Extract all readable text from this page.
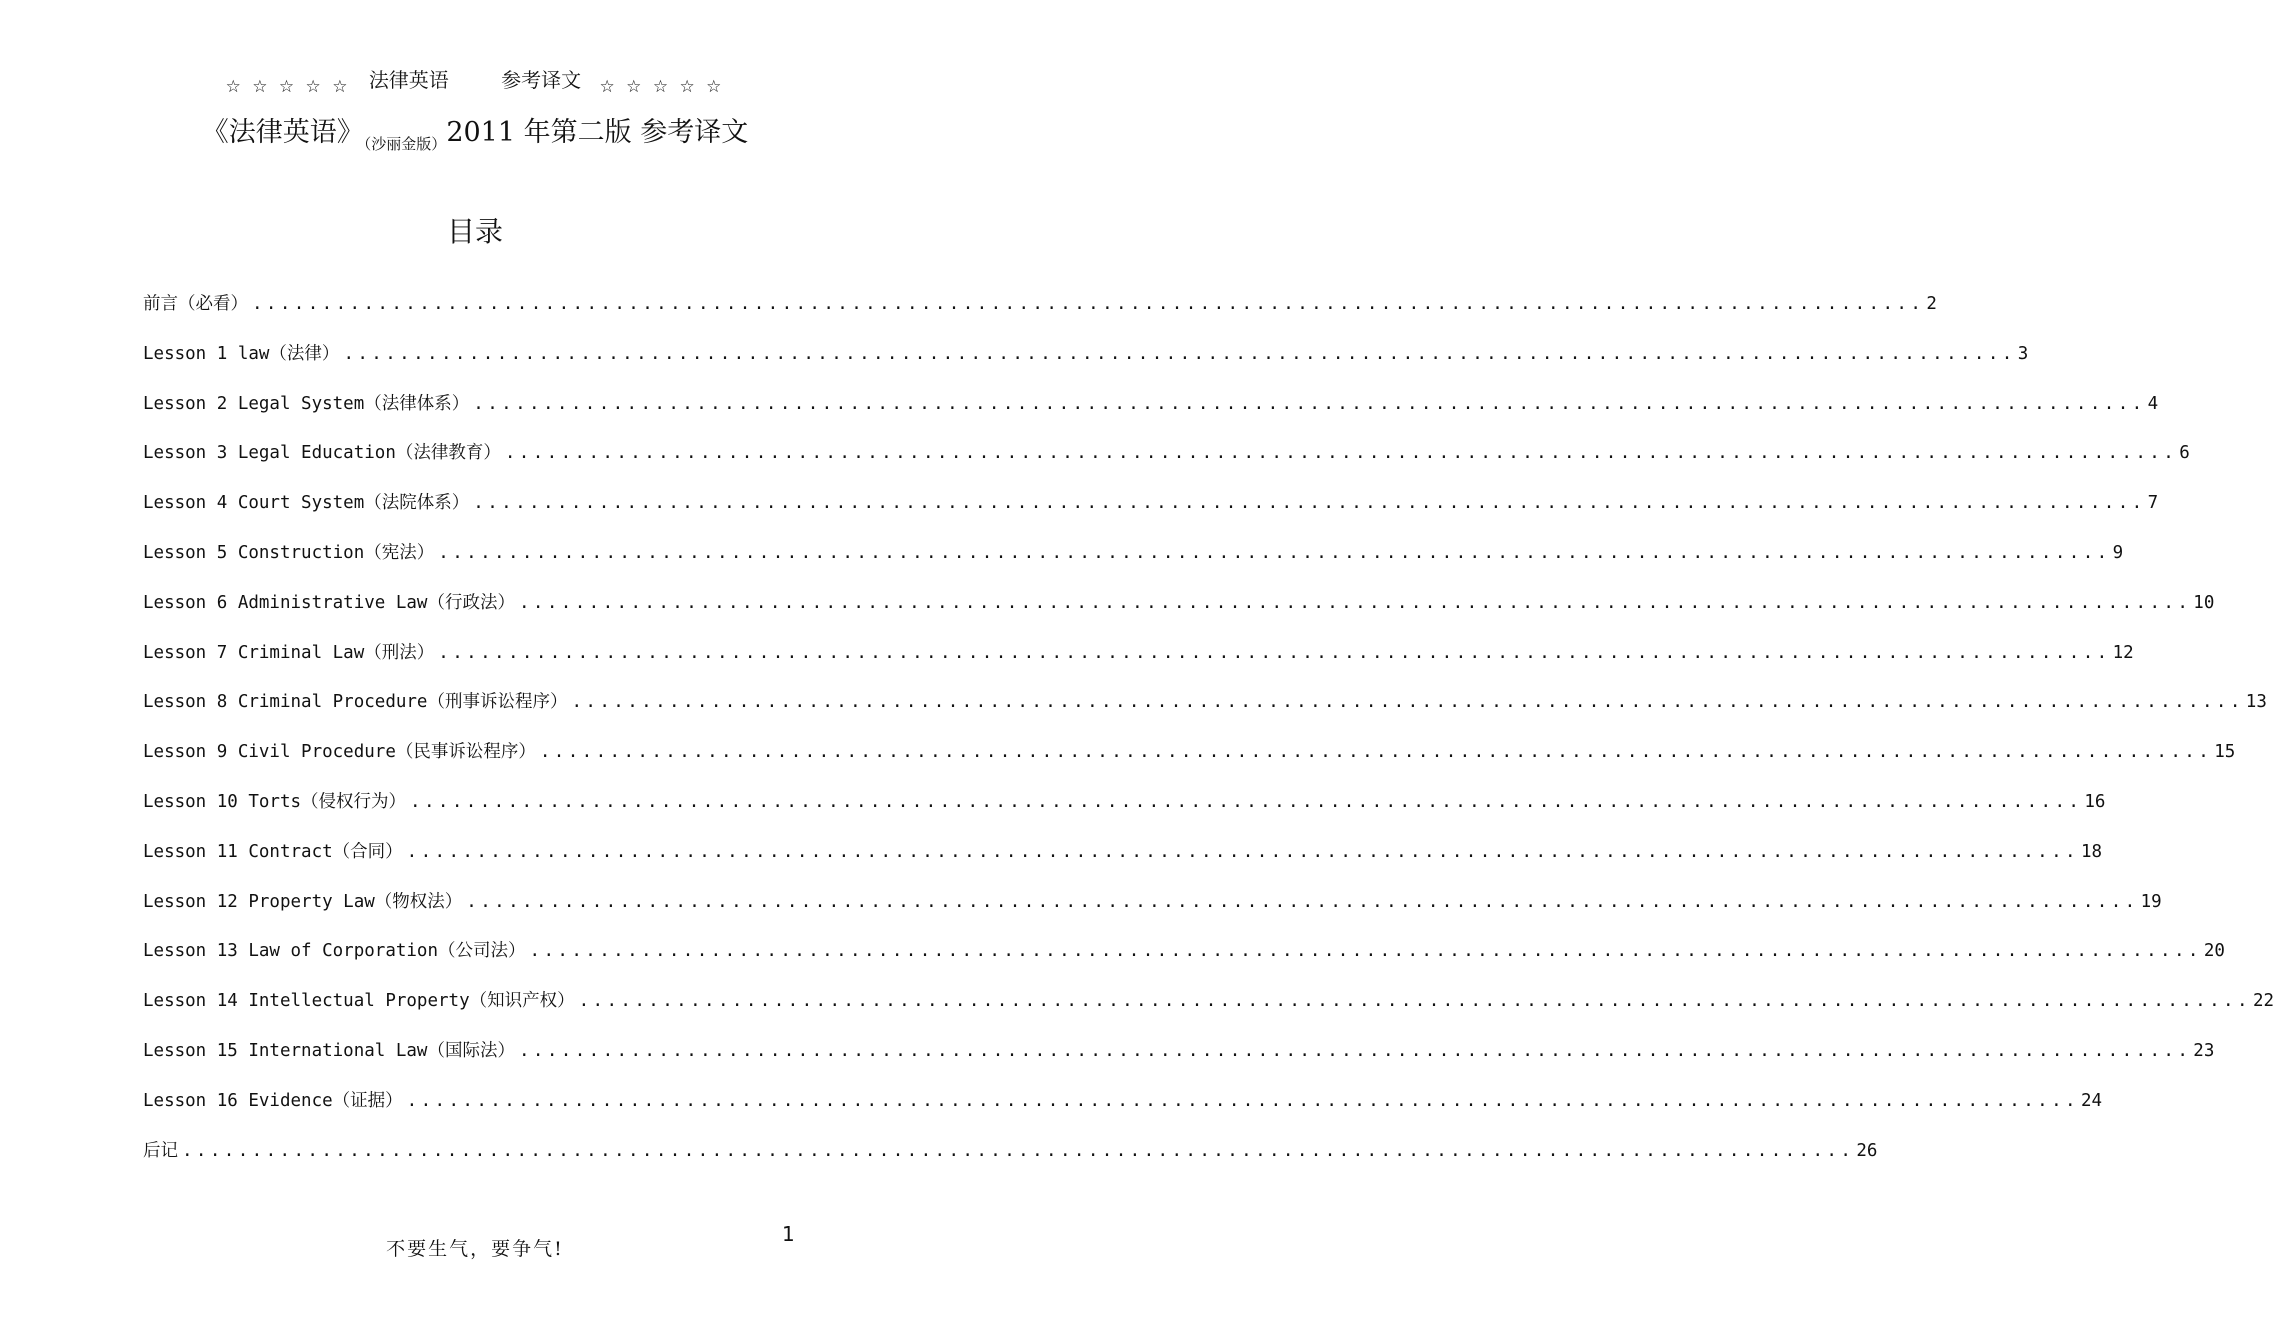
$_{☆ ☆ ☆ ☆ ☆}$ 法律英语	参考译文 $_{☆ ☆ ☆ ☆ ☆}$
《法律英语》$_{(沙丽金版)}$2011 年第二版 参考译文
目录
前言（必看） ........................................................................................................................ 2
Lesson 1 law（法律） ........................................................................................................................ 3
Lesson 2 Legal System（法律体系） ........................................................................................................................ 4
Lesson 3 Legal Education（法律教育） ........................................................................................................................ 6
Lesson 4 Court System（法院体系） ........................................................................................................................ 7
Lesson 5 Construction（宪法） ........................................................................................................................ 9
Lesson 6 Administrative Law（行政法） ........................................................................................................................ 10
Lesson 7 Criminal Law（刑法） ........................................................................................................................ 12
Lesson 8 Criminal Procedure（刑事诉讼程序） ........................................................................................................................ 13
Lesson 9 Civil Procedure（民事诉讼程序） ........................................................................................................................ 15
Lesson 10 Torts（侵权行为） ........................................................................................................................ 16
Lesson 11 Contract（合同） ........................................................................................................................ 18
Lesson 12 Property Law（物权法） ........................................................................................................................ 19
Lesson 13 Law of Corporation（公司法） ........................................................................................................................ 20
Lesson 14 Intellectual Property（知识产权） ........................................................................................................................ 22
Lesson 15 International Law（国际法） ........................................................................................................................ 23
Lesson 16 Evidence（证据） ........................................................................................................................ 24
后记 ........................................................................................................................ 26
1
不要生气，要争气!
